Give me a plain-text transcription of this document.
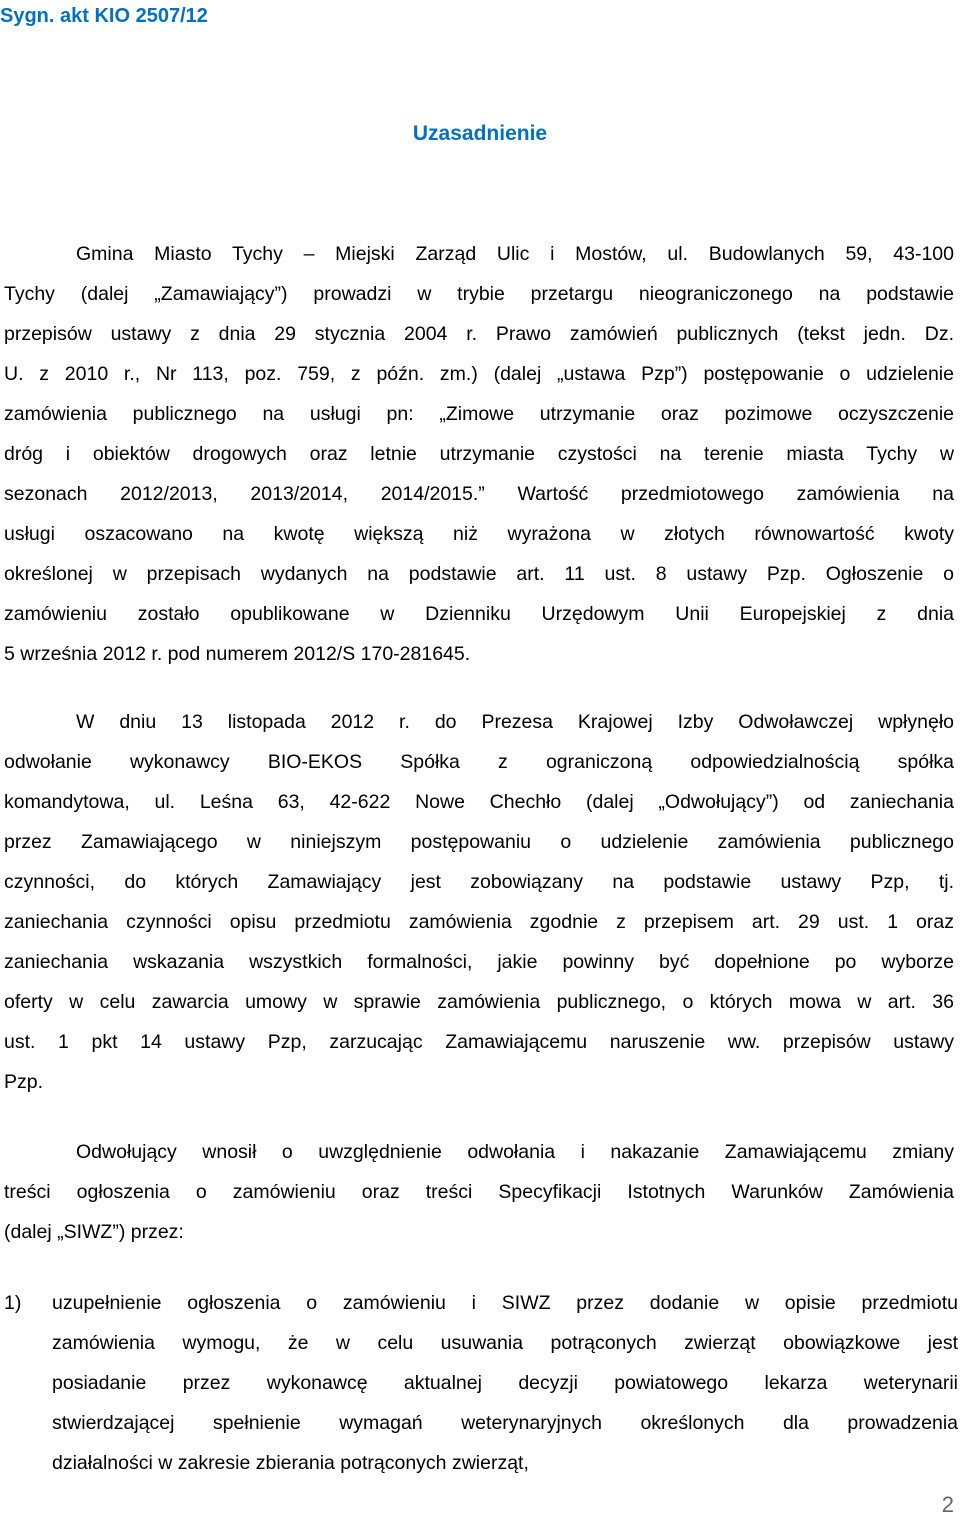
Sygn. akt KIO 2507/12
Uzasadnienie
Gmina Miasto Tychy – Miejski Zarząd Ulic i Mostów, ul. Budowlanych 59, 43-100
Tychy (dalej „Zamawiający”) prowadzi w trybie przetargu nieograniczonego na podstawie
przepisów ustawy z dnia 29 stycznia 2004 r. Prawo zamówień publicznych (tekst jedn. Dz.
U. z 2010 r., Nr 113, poz. 759, z późn. zm.) (dalej „ustawa Pzp”) postępowanie o udzielenie
zamówienia publicznego na usługi pn: „Zimowe utrzymanie oraz pozimowe oczyszczenie
dróg i obiektów drogowych oraz letnie utrzymanie czystości na terenie miasta Tychy w
sezonach 2012/2013, 2013/2014, 2014/2015.” Wartość przedmiotowego zamówienia na
usługi oszacowano na kwotę większą niż wyrażona w złotych równowartość kwoty
określonej w przepisach wydanych na podstawie art. 11 ust. 8 ustawy Pzp. Ogłoszenie o
zamówieniu zostało opublikowane w Dzienniku Urzędowym Unii Europejskiej z dnia
5 września 2012 r. pod numerem 2012/S 170-281645.
W dniu 13 listopada 2012 r. do Prezesa Krajowej Izby Odwoławczej wpłynęło
odwołanie wykonawcy BIO-EKOS Spółka z ograniczoną odpowiedzialnością spółka
komandytowa, ul. Leśna 63, 42-622 Nowe Chechło (dalej „Odwołujący”) od zaniechania
przez Zamawiającego w niniejszym postępowaniu o udzielenie zamówienia publicznego
czynności, do których Zamawiający jest zobowiązany na podstawie ustawy Pzp, tj.
zaniechania czynności opisu przedmiotu zamówienia zgodnie z przepisem art. 29 ust. 1 oraz
zaniechania wskazania wszystkich formalności, jakie powinny być dopełnione po wyborze
oferty w celu zawarcia umowy w sprawie zamówienia publicznego, o których mowa w art. 36
ust. 1 pkt 14 ustawy Pzp, zarzucając Zamawiającemu naruszenie ww. przepisów ustawy
Pzp.
Odwołujący wnosił o uwzględnienie odwołania i nakazanie Zamawiającemu zmiany
treści ogłoszenia o zamówieniu oraz treści Specyfikacji Istotnych Warunków Zamówienia
(dalej „SIWZ”) przez:
1)	uzupełnienie ogłoszenia o zamówieniu i SIWZ przez dodanie w opisie przedmiotu
zamówienia wymogu, że w celu usuwania potrąconych zwierząt obowiązkowe jest
posiadanie przez wykonawcę aktualnej decyzji powiatowego lekarza weterynarii
stwierdzającej spełnienie wymagań weterynaryjnych określonych dla prowadzenia
działalności w zakresie zbierania potrąconych zwierząt,
2
